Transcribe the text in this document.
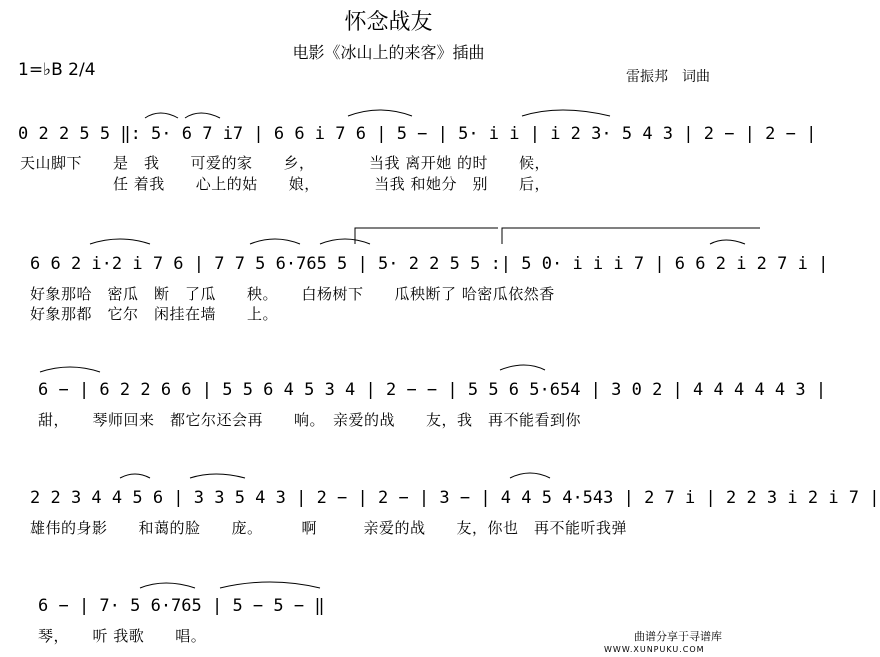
怀念战友
电影《冰山上的来客》插曲
1=♭B 2/4	雷振邦　词曲
0 2 2 5 5 ‖: 5· 6 7 i7 | 6 6 i 7 6 | 5 − | 5· i i | i 2 3· 5 4 3 | 2 − | 2 − |
天山脚下　　是　我　　可爱的家　　乡，　　　　当我 离开她 的时　　候，
　　　　　　任 着我　　心上的姑　　娘，　　　　当我 和她分　别　　后，
6 6 2 i·2 i 7 6 | 7 7 5 6·765 5 | 5· 2 2 5 5 :| 5 0· i i i 7 | 6 6 2 i 2 7 i |
好象那哈　密瓜　断　了瓜　　秧。　　白杨树下　　瓜秧断了 哈密瓜依然香
好象那都　它尔　闲挂在墙　　上。
6 − | 6 2 2 6 6 | 5 5 6 4 5 3 4 | 2 − − | 5 5 6 5·654 | 3 0 2 | 4 4 4 4 4 3 |
甜，　　琴师回来　都它尔还会再　　响。　亲爱的战　　友，我　再不能看到你
2 2 3 4 4 5 6 | 3 3 5 4 3 | 2 − | 2 − | 3 − | 4 4 5 4·543 | 2 7 i | 2 2 3 i 2 i 7 |
雄伟的身影　　和蔼的脸　　庞。　　　啊　　　亲爱的战　　友，你也　再不能听我弹
6 − | 7· 5 6·765 | 5 − 5 − ‖
琴，　　听 我歌　　唱。	曲谱分享于寻谱库
WWW.XUNPUKU.COM
